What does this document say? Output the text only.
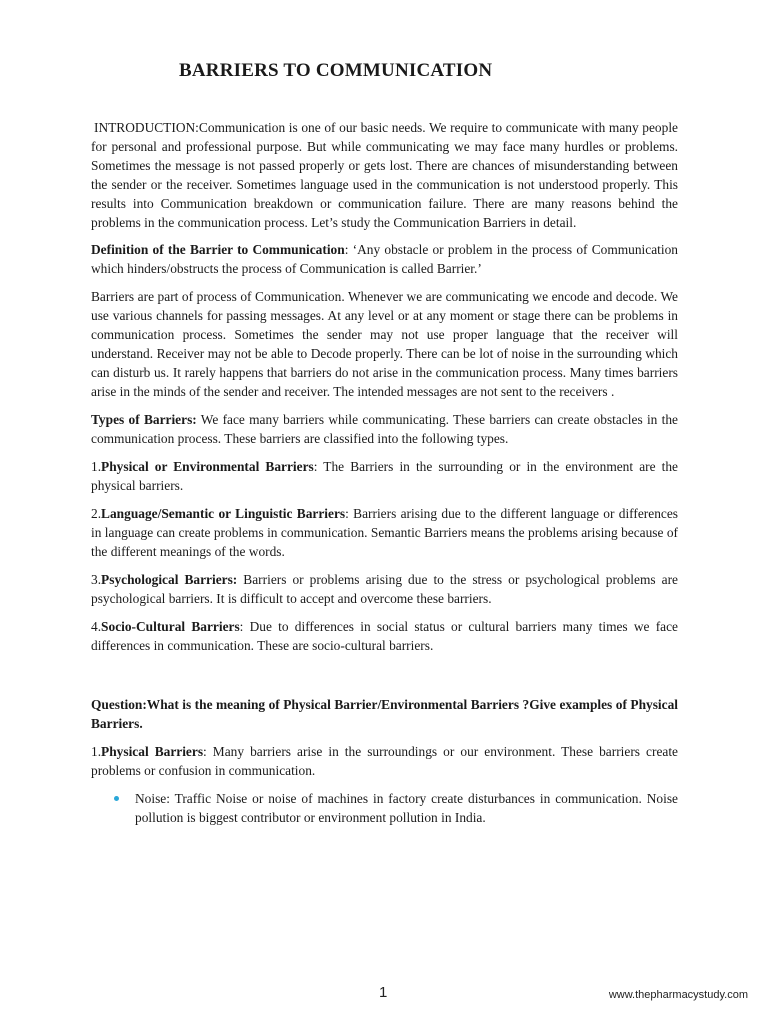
BARRIERS TO COMMUNICATION

INTRODUCTION:Communication is one of our basic needs. We require to communicate with many people for personal and professional purpose. But while communicating we may face many hurdles or problems. Sometimes the message is not passed properly or gets lost. There are chances of misunderstanding between the sender or the receiver. Sometimes language used in the communication is not understood properly. This results into Communication breakdown or communication failure. There are many reasons behind the problems in the communication process. Let’s study the Communication Barriers in detail.

Definition of the Barrier to Communication: ‘Any obstacle or problem in the process of Communication which hinders/obstructs the process of Communication is called Barrier.’

Barriers are part of process of Communication. Whenever we are communicating we encode and decode. We use various channels for passing messages. At any level or at any moment or stage there can be problems in communication process. Sometimes the sender may not use proper language that the receiver will understand. Receiver may not be able to Decode properly. There can be lot of noise in the surrounding which can disturb us. It rarely happens that barriers do not arise in the communication process. Many times barriers arise in the minds of the sender and receiver. The intended messages are not sent to the receivers .

Types of Barriers: We face many barriers while communicating. These barriers can create obstacles in the communication process. These barriers are classified into the following types.

1.Physical or Environmental Barriers: The Barriers in the surrounding or in the environment are the physical barriers.

2.Language/Semantic or Linguistic Barriers: Barriers arising due to the different language or differences in language can create problems in communication. Semantic Barriers means the problems arising because of the different meanings of the words.

3.Psychological Barriers: Barriers or problems arising due to the stress or psychological problems are psychological barriers. It is difficult to accept and overcome these barriers.

4.Socio-Cultural Barriers: Due to differences in social status or cultural barriers many times we face differences in communication. These are socio-cultural barriers.

Question:What is the meaning of Physical Barrier/Environmental Barriers ?Give examples of Physical Barriers.

1.Physical Barriers: Many barriers arise in the surroundings or our environment. These barriers create problems or confusion in communication.

Noise: Traffic Noise or noise of machines in factory create disturbances in communication. Noise pollution is biggest contributor or environment pollution in India.
1	www.thepharmacystudy.com
